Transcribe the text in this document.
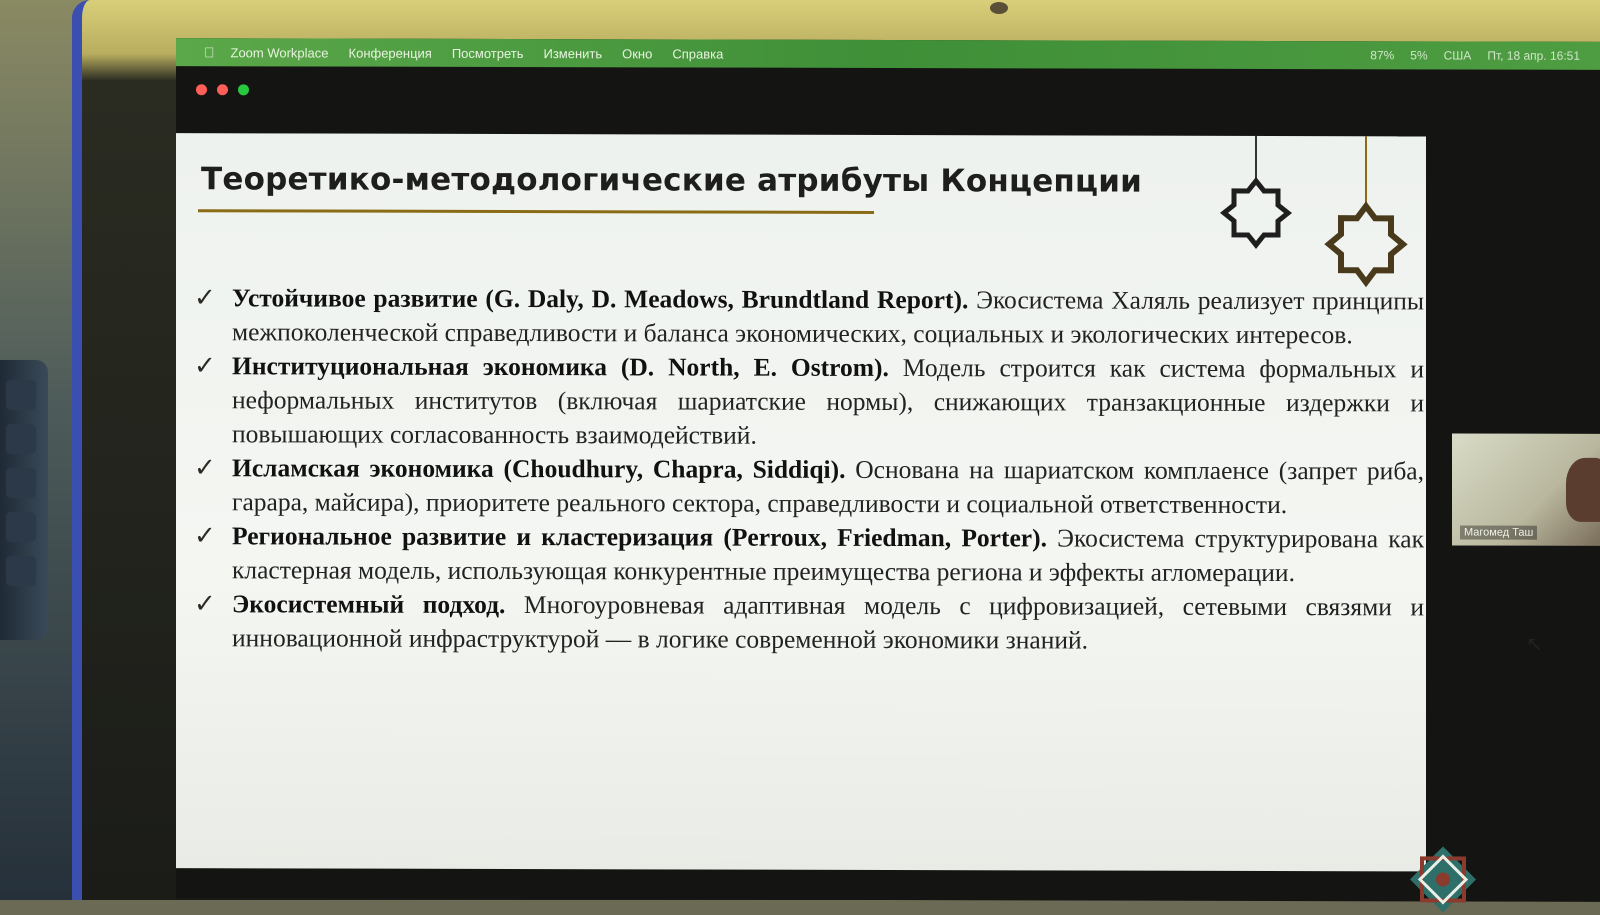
Zoom Workplace Конференция Посмотреть Изменить Окно Справка	87% 5% США Пт, 18 апр. 16:51
Теоретико-методологические атрибуты Концепции
✓ Устойчивое развитие (G. Daly, D. Meadows, Brundtland Report). Экосистема Халяль реализует принципы межпоколенческой справедливости и баланса экономических, социальных и экологических интересов.
✓ Институциональная экономика (D. North, E. Ostrom). Модель строится как система формальных и неформальных институтов (включая шариатские нормы), снижающих транзакционные издержки и повышающих согласованность взаимодействий.
✓ Исламская экономика (Choudhury, Chapra, Siddiqi). Основана на шариатском комплаенсе (запрет риба, гарара, майсира), приоритете реального сектора, справедливости и социальной ответственности.
✓ Региональное развитие и кластеризация (Perroux, Friedman, Porter). Экосистема структурирована как кластерная модель, использующая конкурентные преимущества региона и эффекты агломерации.
✓ Экосистемный подход. Многоуровневая адаптивная модель с цифровизацией, сетевыми связями и инновационной инфраструктурой — в логике современной экономики знаний.
Магомед Таш
↖
